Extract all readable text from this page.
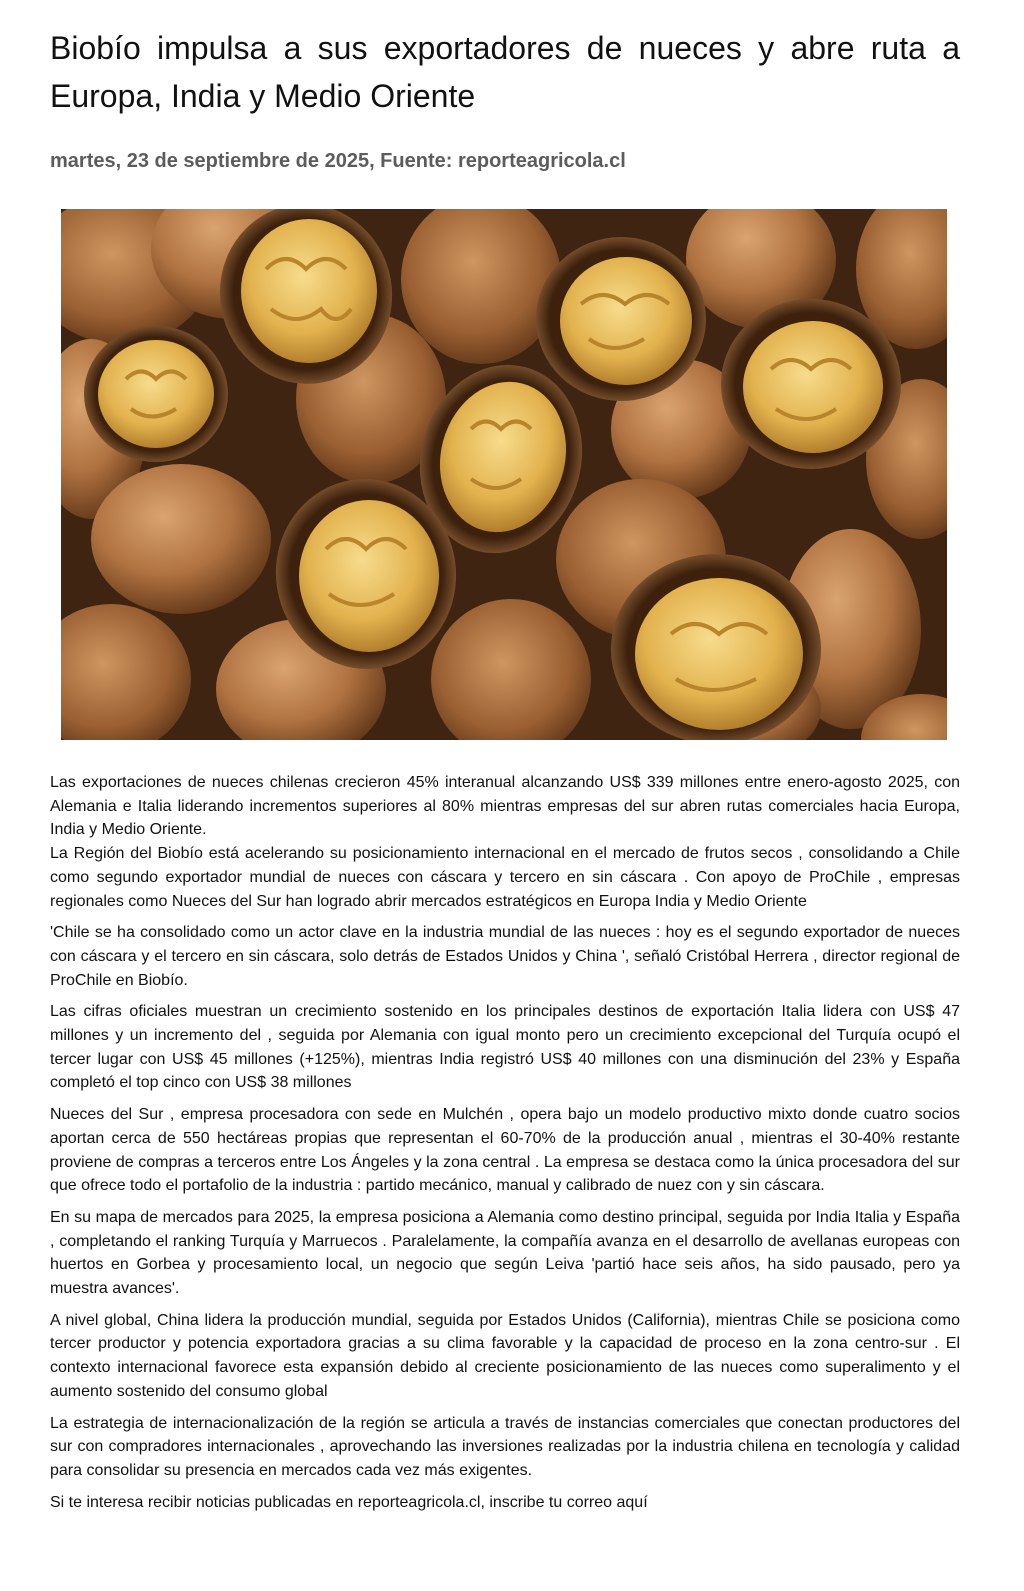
Biobío impulsa a sus exportadores de nueces y abre ruta a Europa, India y Medio Oriente
martes, 23 de septiembre de 2025, Fuente: reporteagricola.cl

Las exportaciones de nueces chilenas crecieron 45% interanual alcanzando US$ 339 millones entre enero-agosto 2025, con Alemania e Italia liderando incrementos superiores al 80% mientras empresas del sur abren rutas comerciales hacia Europa, India y Medio Oriente.

La Región del Biobío está acelerando su posicionamiento internacional en el mercado de frutos secos , consolidando a Chile como segundo exportador mundial de nueces con cáscara y tercero en sin cáscara . Con apoyo de ProChile , empresas regionales como Nueces del Sur han logrado abrir mercados estratégicos en Europa India y Medio Oriente

'Chile se ha consolidado como un actor clave en la industria mundial de las nueces : hoy es el segundo exportador de nueces con cáscara y el tercero en sin cáscara, solo detrás de Estados Unidos y China ', señaló Cristóbal Herrera , director regional de ProChile en Biobío.

Las cifras oficiales muestran un crecimiento sostenido en los principales destinos de exportación Italia lidera con US$ 47 millones y un incremento del , seguida por Alemania con igual monto pero un crecimiento excepcional del Turquía ocupó el tercer lugar con US$ 45 millones (+125%), mientras India registró US$ 40 millones con una disminución del 23% y España completó el top cinco con US$ 38 millones

Nueces del Sur , empresa procesadora con sede en Mulchén , opera bajo un modelo productivo mixto donde cuatro socios aportan cerca de 550 hectáreas propias que representan el 60-70% de la producción anual , mientras el 30-40% restante proviene de compras a terceros entre Los Ángeles y la zona central . La empresa se destaca como la única procesadora del sur que ofrece todo el portafolio de la industria : partido mecánico, manual y calibrado de nuez con y sin cáscara.

En su mapa de mercados para 2025, la empresa posiciona a Alemania como destino principal, seguida por India Italia y España , completando el ranking Turquía y Marruecos . Paralelamente, la compañía avanza en el desarrollo de avellanas europeas con huertos en Gorbea y procesamiento local, un negocio que según Leiva 'partió hace seis años, ha sido pausado, pero ya muestra avances'.

A nivel global, China lidera la producción mundial, seguida por Estados Unidos (California), mientras Chile se posiciona como tercer productor y potencia exportadora gracias a su clima favorable y la capacidad de proceso en la zona centro-sur . El contexto internacional favorece esta expansión debido al creciente posicionamiento de las nueces como superalimento y el aumento sostenido del consumo global

La estrategia de internacionalización de la región se articula a través de instancias comerciales que conectan productores del sur con compradores internacionales , aprovechando las inversiones realizadas por la industria chilena en tecnología y calidad para consolidar su presencia en mercados cada vez más exigentes.

Si te interesa recibir noticias publicadas en reporteagricola.cl, inscribe tu correo aquí
